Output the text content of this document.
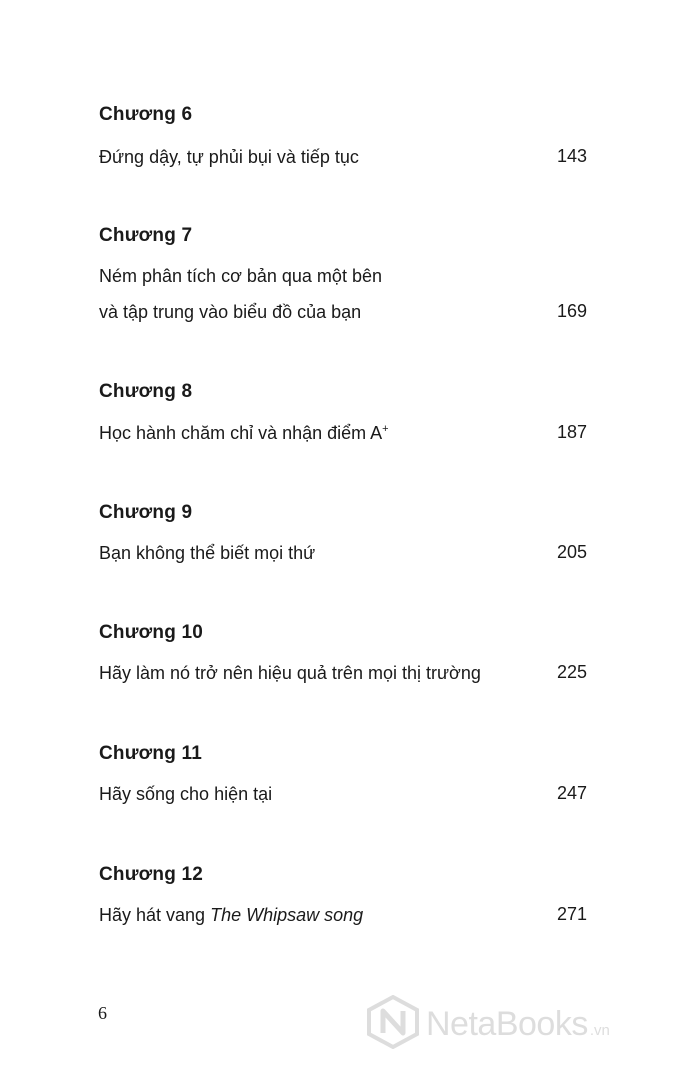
Chương 6
Đứng dậy, tự phủi bụi và tiếp tục	143
Chương 7
Ném phân tích cơ bản qua một bên
và tập trung vào biểu đồ của bạn	169
Chương 8
Học hành chăm chỉ và nhận điểm A+	187
Chương 9
Bạn không thể biết mọi thứ	205
Chương 10
Hãy làm nó trở nên hiệu quả trên mọi thị trường	225
Chương 11
Hãy sống cho hiện tại	247
Chương 12
Hãy hát vang The Whipsaw song	271
6	NetaBooks .vn
